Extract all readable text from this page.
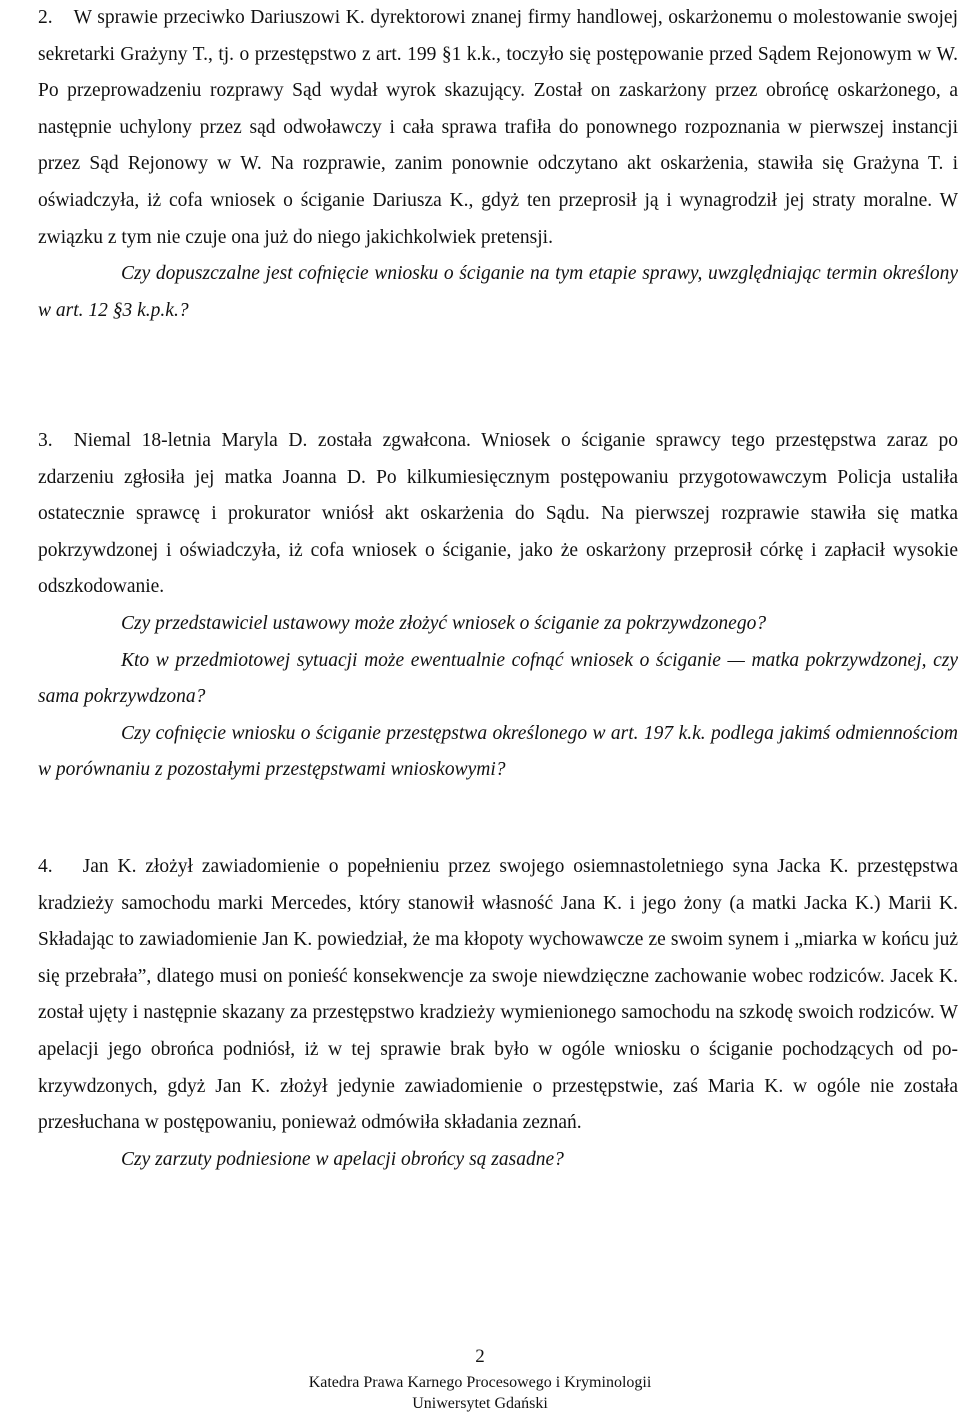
2. W sprawie przeciwko Dariuszowi K. dyrektorowi znanej firmy handlowej, oskarżonemu o molestowanie swojej sekretarki Grażyny T., tj. o przestępstwo z art. 199 §1 k.k., toczyło się postępowanie przed Sądem Rejonowym w W. Po przeprowadzeniu rozprawy Sąd wydał wyrok skazujący. Został on zaskarżony przez obrońcę oskarżonego, a następnie uchylony przez sąd odwoławczy i cała sprawa trafiła do ponownego rozpoznania w pierwszej instancji przez Sąd Rejonowy w W. Na rozprawie, zanim ponownie odczytano akt oskarżenia, stawiła się Grażyna T. i oświadczyła, iż cofa wniosek o ściganie Dariusza K., gdyż ten przeprosił ją i wynagrodził jej straty moralne. W związku z tym nie czuje ona już do niego jakichkolwiek pretensji.

Czy dopuszczalne jest cofnięcie wniosku o ściganie na tym etapie sprawy, uwzględniając termin określony w art. 12 §3 k.p.k.?

3. Niemal 18-letnia Maryla D. została zgwałcona. Wniosek o ściganie sprawcy tego przestępstwa zaraz po zdarzeniu zgłosiła jej matka Joanna D. Po kilkumiesięcznym postępowaniu przygotowawczym Policja ustaliła ostatecznie sprawcę i prokurator wniósł akt oskarżenia do Sądu. Na pierwszej rozprawie stawiła się matka pokrzywdzonej i oświadczyła, iż cofa wniosek o ściganie, jako że oskarżony przeprosił córkę i zapłacił wysokie odszkodowanie.

Czy przedstawiciel ustawowy może złożyć wniosek o ściganie za pokrzywdzonego?

Kto w przedmiotowej sytuacji może ewentualnie cofnąć wniosek o ściganie — matka pokrzywdzonej, czy sama pokrzywdzona?

Czy cofnięcie wniosku o ściganie przestępstwa określonego w art. 197 k.k. podlega jakimś odmiennościom w porównaniu z pozostałymi przestępstwami wnioskowymi?

4. Jan K. złożył zawiadomienie o popełnieniu przez swojego osiemnastoletniego syna Jacka K. przestępstwa kradzieży samochodu marki Mercedes, który stanowił własność Jana K. i jego żony (a matki Jacka K.) Marii K. Składając to zawiadomienie Jan K. powiedział, że ma kłopoty wychowawcze ze swoim synem i „miarka w końcu już się przebrała”, dlatego musi on ponieść konsekwencje za swoje niewdzięczne zachowanie wobec rodziców. Jacek K. został ujęty i następnie skazany za przestępstwo kradzieży wymienionego samochodu na szkodę swoich rodziców. W apelacji jego obrońca podniósł, iż w tej sprawie brak było w ogóle wniosku o ściganie pochodzących od pokrzywdzonych, gdyż Jan K. złożył jedynie zawiadomienie o przestępstwie, zaś Maria K. w ogóle nie została przesłuchana w postępowaniu, ponieważ odmówiła składania zeznań.

Czy zarzuty podniesione w apelacji obrońcy są zasadne?

2
Katedra Prawa Karnego Procesowego i Kryminologii
Uniwersytet Gdański
